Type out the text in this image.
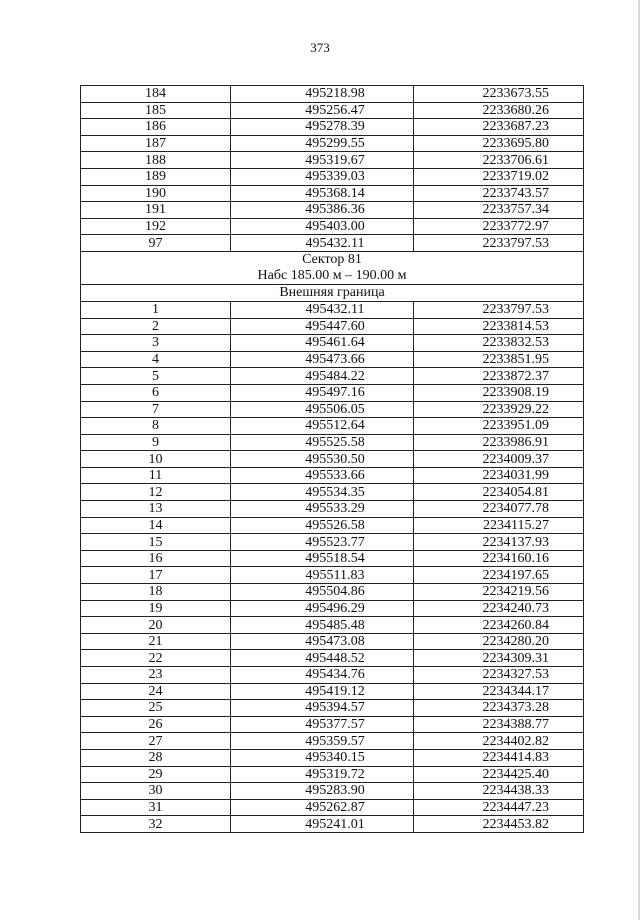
373
184	495218.98	2233673.55
185	495256.47	2233680.26
186	495278.39	2233687.23
187	495299.55	2233695.80
188	495319.67	2233706.61
189	495339.03	2233719.02
190	495368.14	2233743.57
191	495386.36	2233757.34
192	495403.00	2233772.97
97	495432.11	2233797.53
Сектор 81		
Набс 185.00 м – 190.00 м		
Внешняя граница		
1	495432.11	2233797.53
2	495447.60	2233814.53
3	495461.64	2233832.53
4	495473.66	2233851.95
5	495484.22	2233872.37
6	495497.16	2233908.19
7	495506.05	2233929.22
8	495512.64	2233951.09
9	495525.58	2233986.91
10	495530.50	2234009.37
11	495533.66	2234031.99
12	495534.35	2234054.81
13	495533.29	2234077.78
14	495526.58	2234115.27
15	495523.77	2234137.93
16	495518.54	2234160.16
17	495511.83	2234197.65
18	495504.86	2234219.56
19	495496.29	2234240.73
20	495485.48	2234260.84
21	495473.08	2234280.20
22	495448.52	2234309.31
23	495434.76	2234327.53
24	495419.12	2234344.17
25	495394.57	2234373.28
26	495377.57	2234388.77
27	495359.57	2234402.82
28	495340.15	2234414.83
29	495319.72	2234425.40
30	495283.90	2234438.33
31	495262.87	2234447.23
32	495241.01	2234453.82
